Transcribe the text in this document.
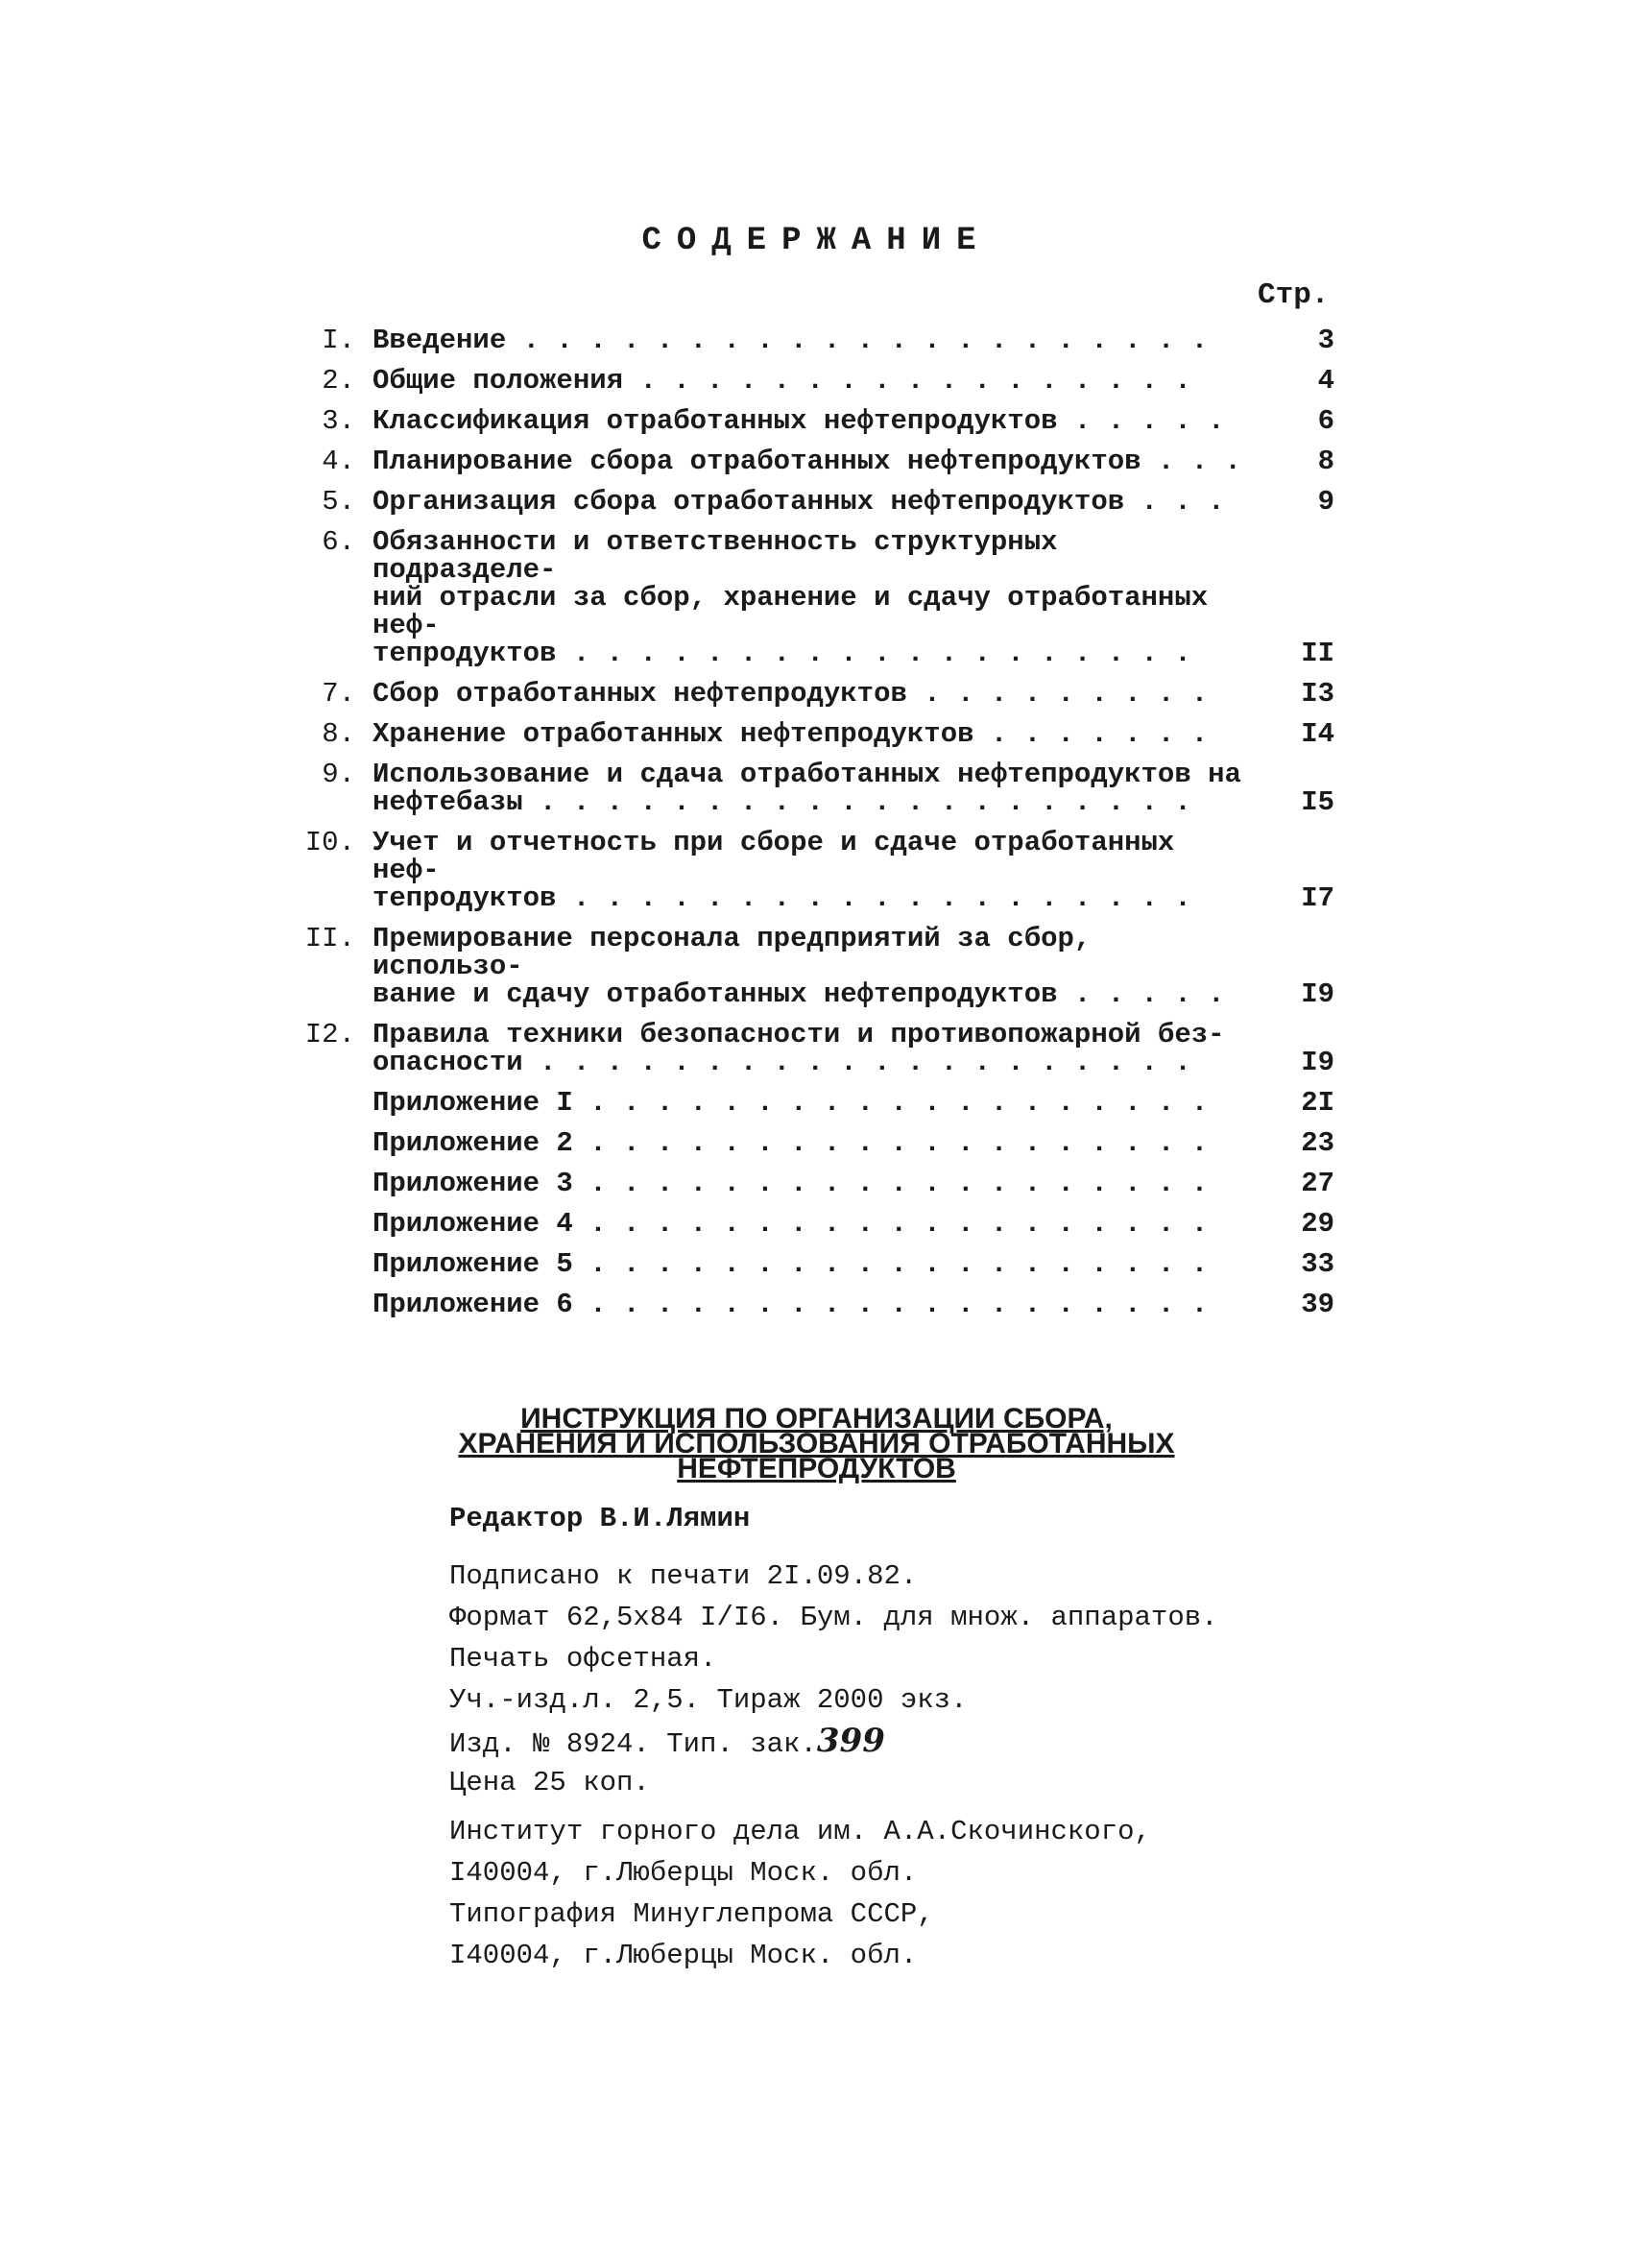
СОДЕРЖАНИЕ
Стр.
I. Введение . . . . . . . . . . . . . . . . . . . . .	3
2. Общие положения . . . . . . . . . . . . . . . . .	4
3. Классификация отработанных нефтепродуктов . . . . .	6
4. Планирование сбора отработанных нефтепродуктов . . .	8
5. Организация сбора отработанных нефтепродуктов . . .	9
6. Обязанности и ответственность структурных подразделе-
ний отрасли за сбор, хранение и сдачу отработанных неф-
тепродуктов . . . . . . . . . . . . . . . . . . .	II
7. Сбор отработанных нефтепродуктов . . . . . . . . .	I3
8. Хранение отработанных нефтепродуктов . . . . . . .	I4
9. Использование и сдача отработанных нефтепродуктов на
нефтебазы . . . . . . . . . . . . . . . . . . . .	I5
I0. Учет и отчетность при сборе и сдаче отработанных неф-
тепродуктов . . . . . . . . . . . . . . . . . . .	I7
II. Премирование персонала предприятий за сбор, использо-
вание и сдачу отработанных нефтепродуктов . . . . .	I9
I2. Правила техники безопасности и противопожарной без-
опасности . . . . . . . . . . . . . . . . . . . .	I9
Приложение I . . . . . . . . . . . . . . . . . . .	2I
Приложение 2 . . . . . . . . . . . . . . . . . . .	23
Приложение 3 . . . . . . . . . . . . . . . . . . .	27
Приложение 4 . . . . . . . . . . . . . . . . . . .	29
Приложение 5 . . . . . . . . . . . . . . . . . . .	33
Приложение 6 . . . . . . . . . . . . . . . . . . .	39
ИНСТРУКЦИЯ ПО ОРГАНИЗАЦИИ СБОРА,
ХРАНЕНИЯ И ИСПОЛЬЗОВАНИЯ ОТРАБОТАННЫХ
НЕФТЕПРОДУКТОВ
Редактор В.И.Лямин
Подписано к печати 2I.09.82.
Формат 62,5х84 I/I6. Бум. для множ. аппаратов.
Печать офсетная.
Уч.-изд.л. 2,5. Тираж 2000 экз.
Изд. № 8924. Тип. зак.399
Цена 25 коп.
Институт горного дела им. А.А.Скочинского,
I40004, г.Люберцы Моск. обл.
Типография Минуглепрома СССР,
I40004, г.Люберцы Моск. обл.
